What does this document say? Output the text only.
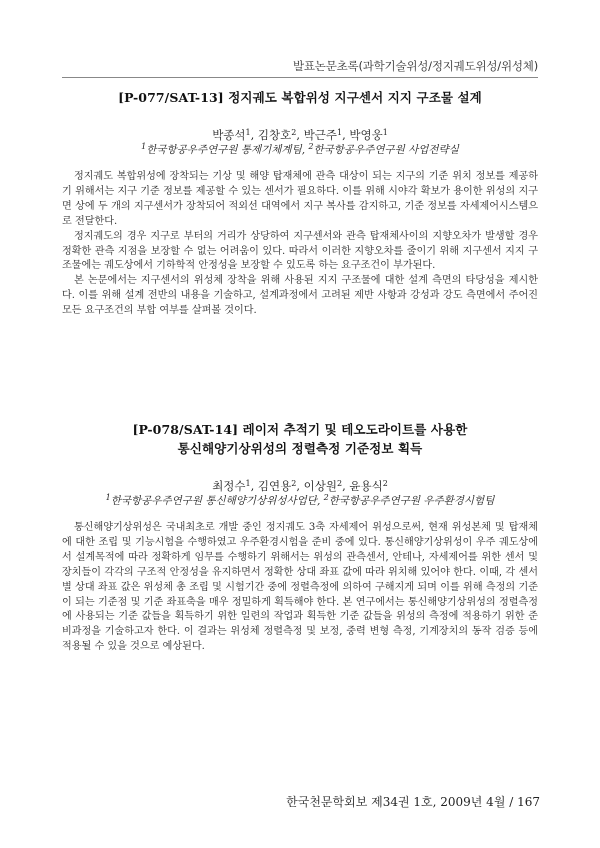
발표논문초록(과학기술위성/정지궤도위성/위성체)
[P-077/SAT-13] 정지궤도 복합위성 지구센서 지지 구조물 설계
박종석$^1$, 김창호$^2$, 박근주$^1$, 박영웅$^1$
$^1$한국항공우주연구원 통제기체계팀, $^2$한국항공우주연구원 사업전략실

정지궤도 복합위성에 장착되는 기상 및 해양 탑재체에 관측 대상이 되는 지구의 기준 위치 정보를 제공하기 위해서는 지구 기준 정보를 제공할 수 있는 센서가 필요하다. 이를 위해 시야각 확보가 용이한 위성의 지구면 상에 두 개의 지구센서가 장착되어 적외선 대역에서 지구 복사를 감지하고, 기준 정보를 자세제어시스템으로 전달한다.

정지궤도의 경우 지구로 부터의 거리가 상당하여 지구센서와 관측 탑재체사이의 지향오차가 발생할 경우 정확한 관측 지점을 보장할 수 없는 어려움이 있다. 따라서 이러한 지향오차를 줄이기 위해 지구센서 지지 구조물에는 궤도상에서 기하학적 안정성을 보장할 수 있도록 하는 요구조건이 부가된다.

본 논문에서는 지구센서의 위성체 장착을 위해 사용된 지지 구조물에 대한 설계 측면의 타당성을 제시한다. 이를 위해 설계 전반의 내용을 기술하고, 설계과정에서 고려된 제반 사항과 강성과 강도 측면에서 주어진 모든 요구조건의 부합 여부를 살펴볼 것이다.

[P-078/SAT-14] 레이저 추적기 및 테오도라이트를 사용한
통신해양기상위성의 정렬측정 기준정보 획득
최정수$^1$, 김연용$^2$, 이상원$^2$, 윤용식$^2$
$^1$한국항공우주연구원 통신해양기상위성사업단, $^2$한국항공우주연구원 우주환경시험팀

통신해양기상위성은 국내최초로 개발 중인 정지궤도 3축 자세제어 위성으로써, 현재 위성본체 및 탑재체에 대한 조립 및 기능시험을 수행하였고 우주환경시험을 준비 중에 있다. 통신해양기상위성이 우주 궤도상에서 설계목적에 따라 정확하게 임무를 수행하기 위해서는 위성의 관측센서, 안테나, 자세제어를 위한 센서 및 장치들이 각각의 구조적 안정성을 유지하면서 정확한 상대 좌표 값에 따라 위치해 있어야 한다. 이때, 각 센서별 상대 좌표 값은 위성체 총 조립 및 시험기간 중에 정렬측정에 의하여 구해지게 되며 이를 위해 측정의 기준이 되는 기준점 및 기준 좌표축을 매우 정밀하게 획득해야 한다. 본 연구에서는 통신해양기상위성의 정렬측정에 사용되는 기준 값들을 획득하기 위한 일련의 작업과 획득한 기준 값들을 위성의 측정에 적용하기 위한 준비과정을 기술하고자 한다. 이 결과는 위성체 정렬측정 및 보정, 중력 변형 측정, 기계장치의 동작 검증 등에 적용될 수 있을 것으로 예상된다.

한국천문학회보 제34권 1호, 2009년 4월 / 167
